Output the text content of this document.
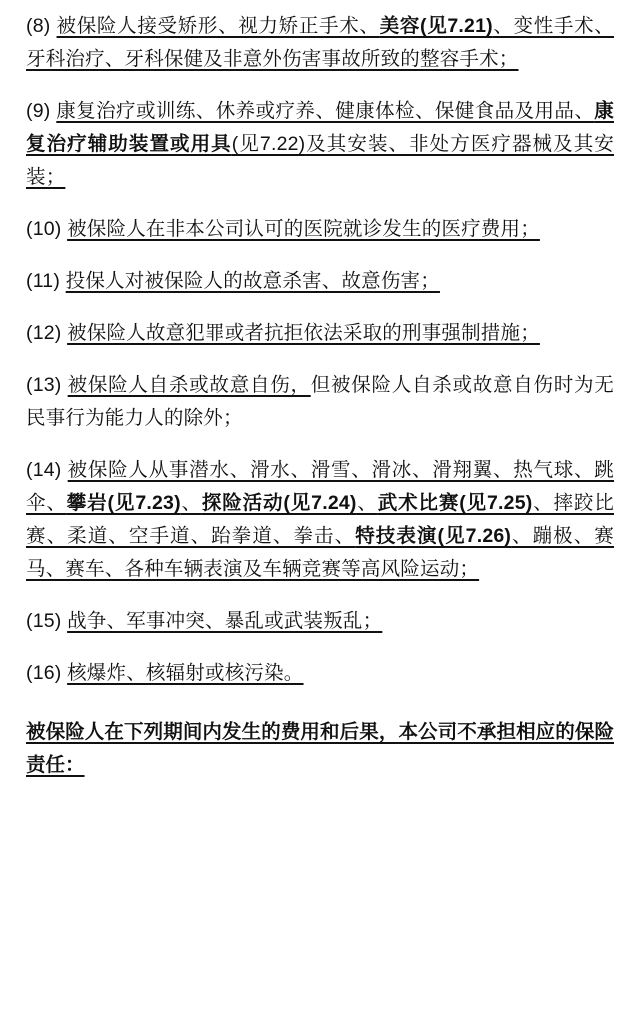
(8) 被保险人接受矫形、视力矫正手术、美容(见7.21)、变性手术、牙科治疗、牙科保健及非意外伤害事故所致的整容手术；

(9) 康复治疗或训练、休养或疗养、健康体检、保健食品及用品、康复治疗辅助装置或用具(见7.22)及其安装、非处方医疗器械及其安装；

(10) 被保险人在非本公司认可的医院就诊发生的医疗费用；

(11) 投保人对被保险人的故意杀害、故意伤害；

(12) 被保险人故意犯罪或者抗拒依法采取的刑事强制措施；

(13) 被保险人自杀或故意自伤，但被保险人自杀或故意自伤时为无民事行为能力人的除外；

(14) 被保险人从事潜水、滑水、滑雪、滑冰、滑翔翼、热气球、跳伞、攀岩(见7.23)、探险活动(见7.24)、武术比赛(见7.25)、摔跤比赛、柔道、空手道、跆拳道、拳击、特技表演(见7.26)、蹦极、赛马、赛车、各种车辆表演及车辆竞赛等高风险运动；

(15) 战争、军事冲突、暴乱或武装叛乱；

(16) 核爆炸、核辐射或核污染。

被保险人在下列期间内发生的费用和后果，本公司不承担相应的保险责任：
